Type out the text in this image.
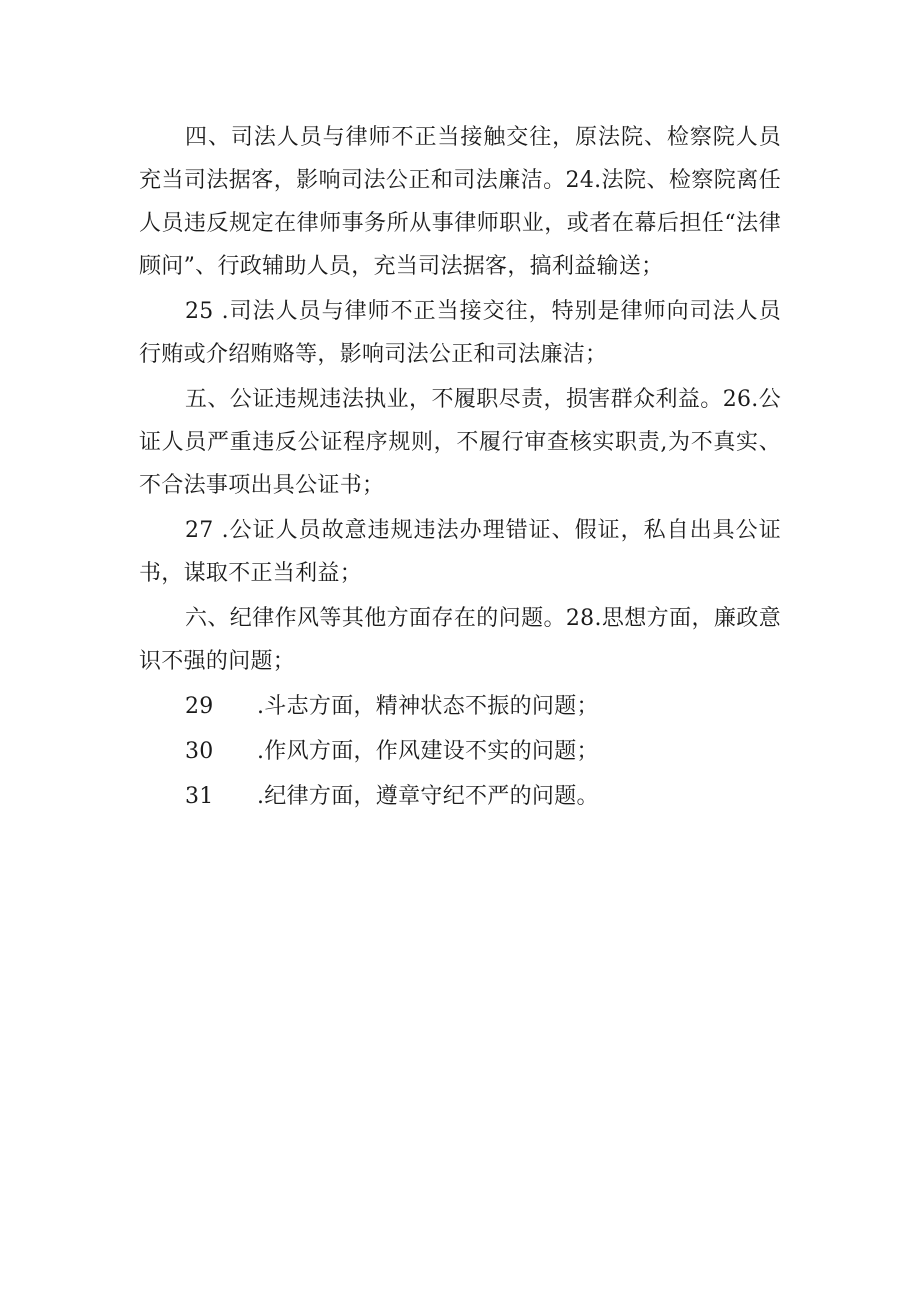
四、司法人员与律师不正当接触交往，原法院、检察院人员充当司法据客，影响司法公正和司法廉洁。24.法院、检察院离任人员违反规定在律师事务所从事律师职业，或者在幕后担任“法律顾问”、行政辅助人员，充当司法据客，搞利益输送；

25 .司法人员与律师不正当接交往，特别是律师向司法人员行贿或介绍贿赂等，影响司法公正和司法廉洁；

五、公证违规违法执业，不履职尽责，损害群众利益。26.公证人员严重违反公证程序规则，不履行审查核实职责,为不真实、不合法事项出具公证书；

27 .公证人员故意违规违法办理错证、假证，私自出具公证书，谋取不正当利益；

六、纪律作风等其他方面存在的问题。28.思想方面，廉政意识不强的问题；

29 .斗志方面，精神状态不振的问题；
30 .作风方面，作风建设不实的问题；
31 .纪律方面，遵章守纪不严的问题。
